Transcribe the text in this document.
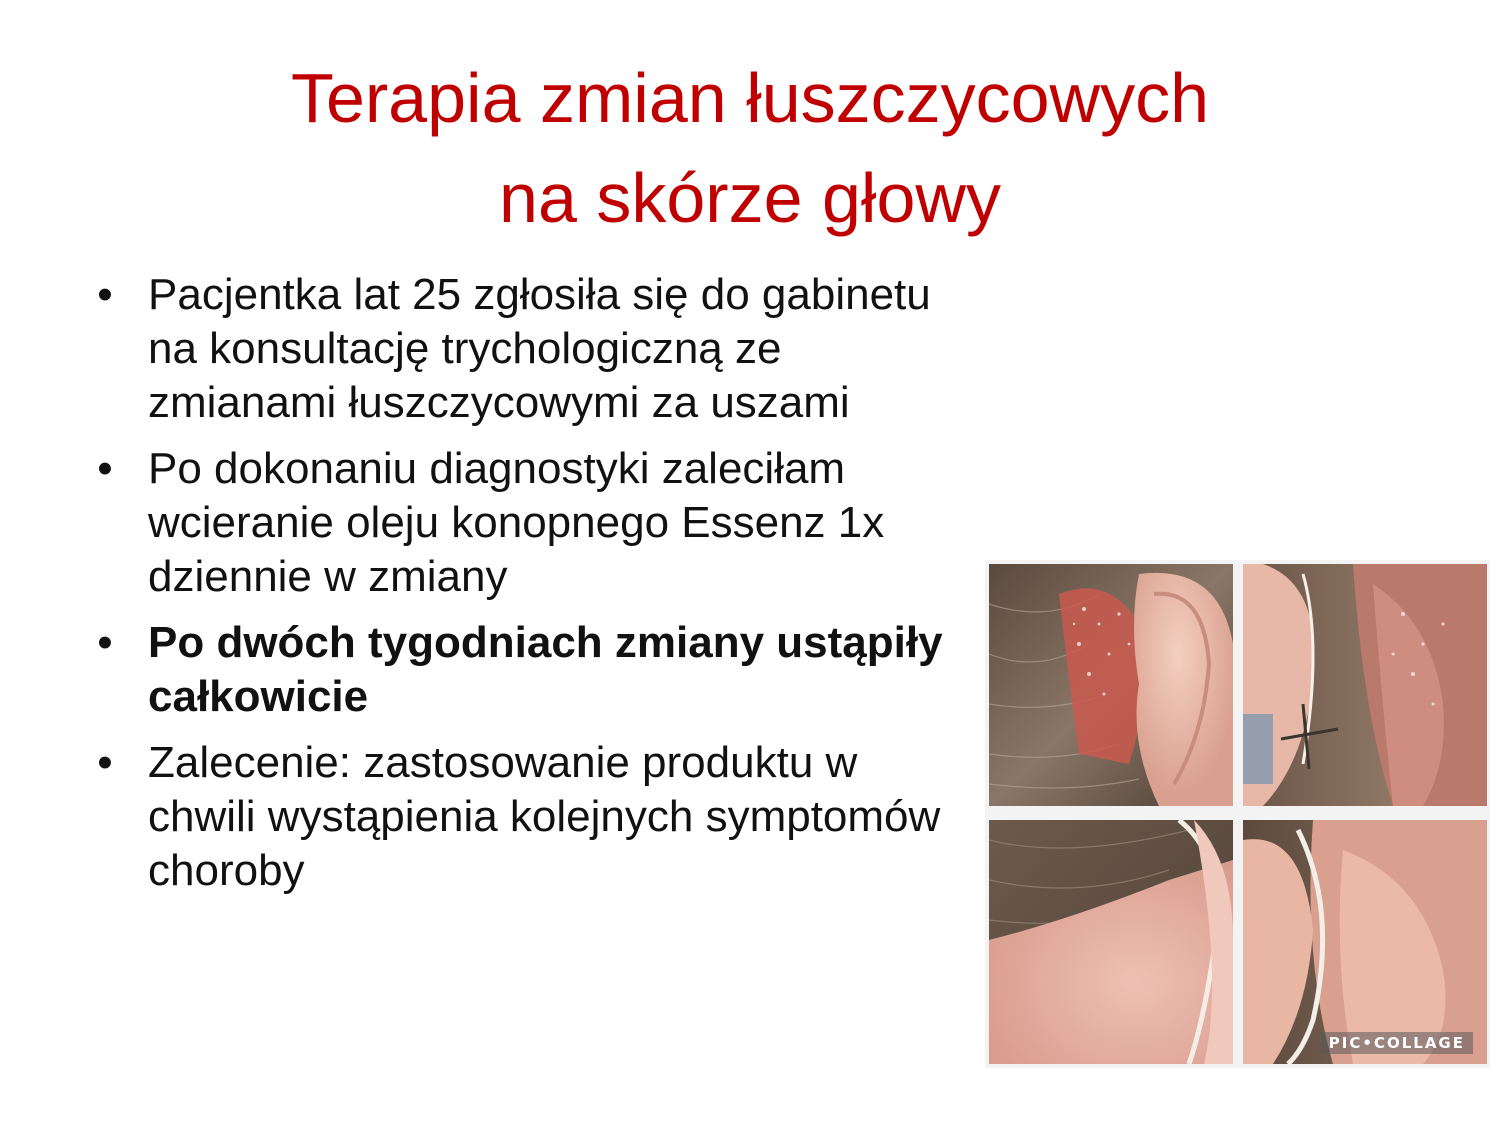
Terapia zmian łuszczycowych
na skórze głowy
• Pacjentka lat 25 zgłosiła się do gabinetu na konsultację trychologiczną ze zmianami łuszczycowymi za uszami
• Po dokonaniu diagnostyki zaleciłam wcieranie oleju konopnego Essenz 1x dziennie w zmiany
• Po dwóch tygodniach zmiany ustąpiły całkowicie
• Zalecenie: zastosowanie produktu w chwili wystąpienia kolejnych symptomów choroby
PIC•COLLAGE
